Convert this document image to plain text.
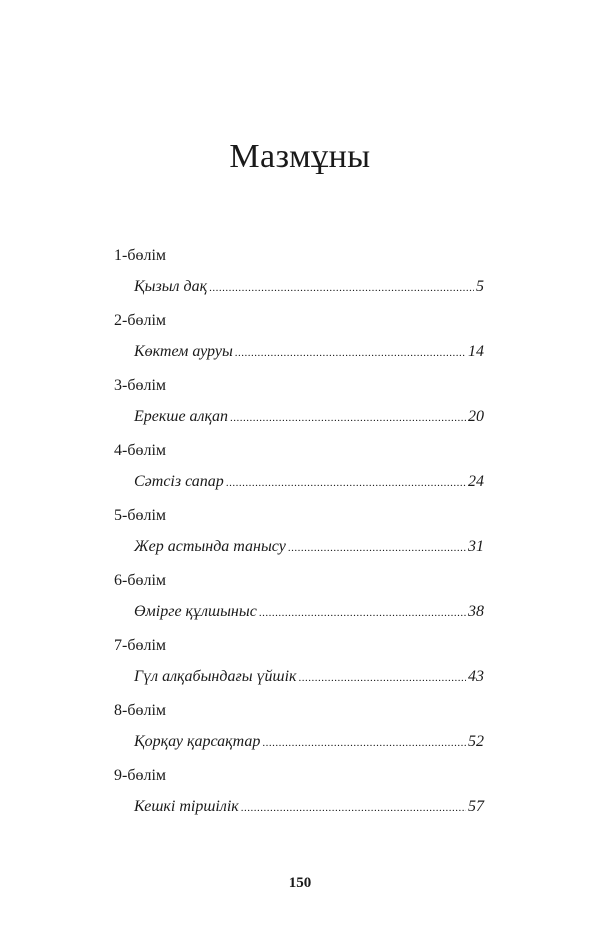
Мазмұны
1-бөлім
Қызыл дақ .....	5
2-бөлім
Көктем ауруы .....	14
3-бөлім
Ерекше алқап .....	20
4-бөлім
Сәтсіз сапар .....	24
5-бөлім
Жер астында танысу .....	31
6-бөлім
Өмірге құлшыныс .....	38
7-бөлім
Гүл алқабындағы үйшік .....	43
8-бөлім
Қорқау қарсақтар .....	52
9-бөлім
Кешкі тіршілік .....	57
150
